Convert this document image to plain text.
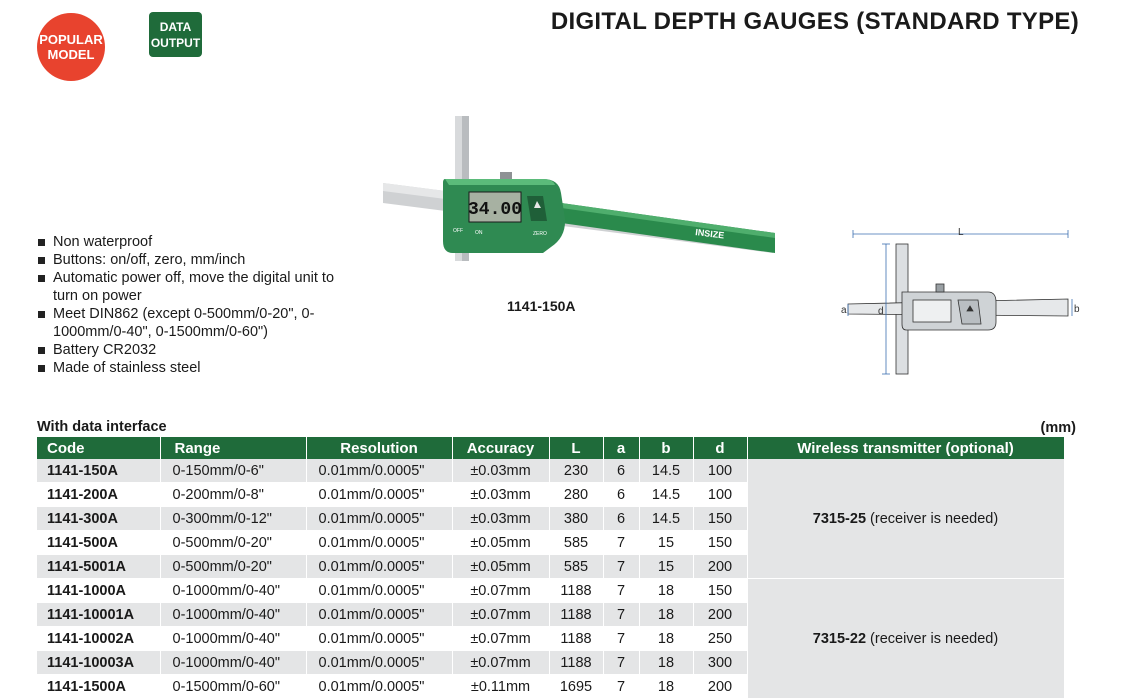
POPULAR
MODEL
DATA
OUTPUT
DIGITAL DEPTH GAUGES (STANDARD TYPE)
Non waterproof
Buttons: on/off, zero, mm/inch
Automatic power off, move the digital unit to turn on power
Meet DIN862 (except 0-500mm/0-20", 0-1000mm/0-40", 0-1500mm/0-60")
Battery CR2032
Made of stainless steel
34.00
OFF ON	ZERO	INSIZE
1141-150A
L
d
a	b
With data interface	(mm)
Code	Range	Resolution	Accuracy	L	a	b	d	Wireless transmitter (optional)
1141-150A	0-150mm/0-6"	0.01mm/0.0005"	±0.03mm	230	6	14.5	100	7315-25 (receiver is needed)
1141-200A	0-200mm/0-8"	0.01mm/0.0005"	±0.03mm	280	6	14.5	100	
1141-300A	0-300mm/0-12"	0.01mm/0.0005"	±0.03mm	380	6	14.5	150	
1141-500A	0-500mm/0-20"	0.01mm/0.0005"	±0.05mm	585	7	15	150	
1141-5001A	0-500mm/0-20"	0.01mm/0.0005"	±0.05mm	585	7	15	200	
1141-1000A	0-1000mm/0-40"	0.01mm/0.0005"	±0.07mm	1188	7	18	150	7315-22 (receiver is needed)
1141-10001A	0-1000mm/0-40"	0.01mm/0.0005"	±0.07mm	1188	7	18	200	
1141-10002A	0-1000mm/0-40"	0.01mm/0.0005"	±0.07mm	1188	7	18	250	
1141-10003A	0-1000mm/0-40"	0.01mm/0.0005"	±0.07mm	1188	7	18	300	
1141-1500A	0-1500mm/0-60"	0.01mm/0.0005"	±0.11mm	1695	7	18	200	
